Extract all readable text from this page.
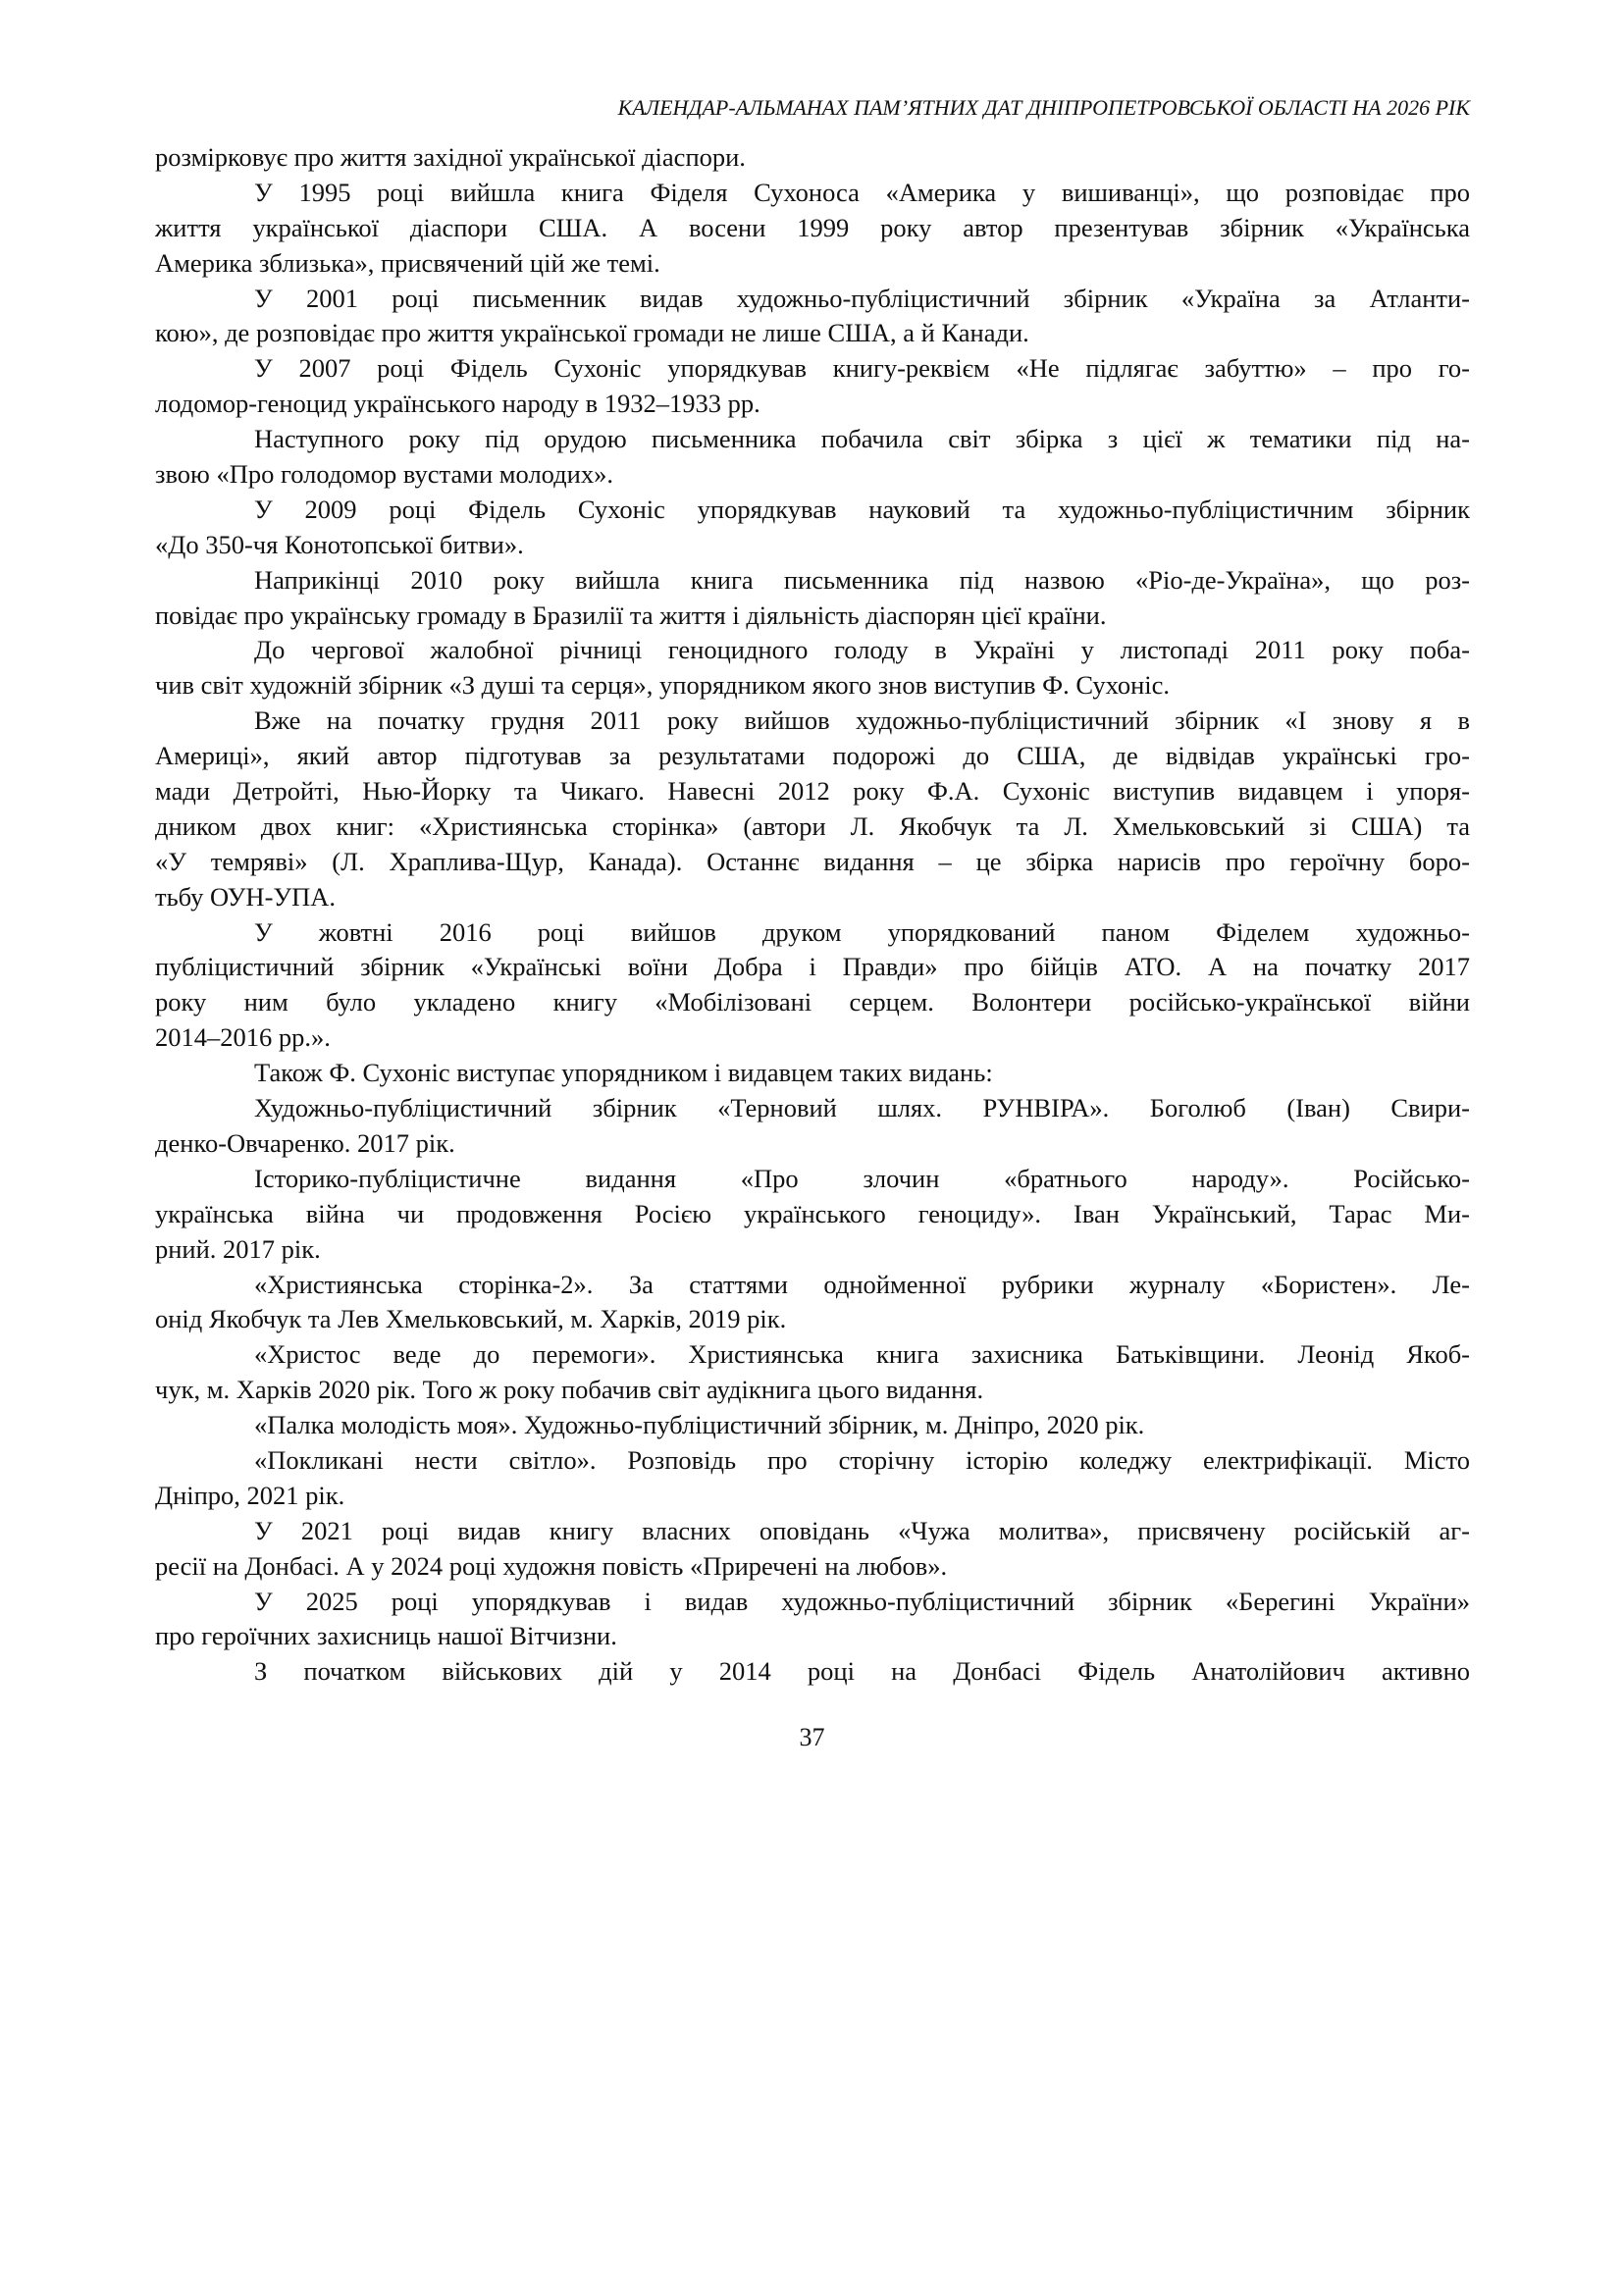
КАЛЕНДАР-АЛЬМАНАХ ПАМ’ЯТНИХ ДАТ ДНІПРОПЕТРОВСЬКОЇ ОБЛАСТІ НА 2026 РІК
розмірковує про життя західної української діаспори.
У 1995 році вийшла книга Фіделя Сухоноса «Америка у вишиванці», що розповідає про
життя української діаспори США. А восени 1999 року автор презентував збірник «Українська
Америка зблизька», присвячений цій же темі.
У 2001 році письменник видав художньо-публіцистичний збірник «Україна за Атланти-
кою», де розповідає про життя української громади не лише США, а й Канади.
У 2007 році Фідель Сухоніс упорядкував книгу-реквієм «Не підлягає забуттю» – про го-
лодомор-геноцид українського народу в 1932–1933 рр.
Наступного року під орудою письменника побачила світ збірка з цієї ж тематики під на-
звою «Про голодомор вустами молодих».
У 2009 році Фідель Сухоніс упорядкував науковий та художньо-публіцистичним збірник
«До 350-чя Конотопської битви».
Наприкінці 2010 року вийшла книга письменника під назвою «Ріо-де-Україна», що роз-
повідає про українську громаду в Бразилії та життя і діяльність діаспорян цієї країни.
До чергової жалобної річниці геноцидного голоду в Україні у листопаді 2011 року поба-
чив світ художній збірник «З душі та серця», упорядником якого знов виступив Ф. Сухоніс.
Вже на початку грудня 2011 року вийшов художньо-публіцистичний збірник «І знову я в
Америці», який автор підготував за результатами подорожі до США, де відвідав українські гро-
мади Детройті, Нью-Йорку та Чикаго. Навесні 2012 року Ф.А. Сухоніс виступив видавцем і упоря-
дником двох книг: «Християнська сторінка» (автори Л. Якобчук та Л. Хмельковський зі США) та
«У темряві» (Л. Храплива-Щур, Канада). Останнє видання – це збірка нарисів про героїчну боро-
тьбу ОУН-УПА.
У жовтні 2016 році вийшов друком упорядкований паном Фіделем художньо-
публіцистичний збірник «Українські воїни Добра і Правди» про бійців АТО. А на початку 2017
року ним було укладено книгу «Мобілізовані серцем. Волонтери російсько-української війни
2014–2016 рр.».
Також Ф. Сухоніс виступає упорядником і видавцем таких видань:
Художньо-публіцистичний збірник «Терновий шлях. РУНВІРА». Боголюб (Іван) Свири-
денко-Овчаренко. 2017 рік.
Історико-публіцистичне видання «Про злочин «братнього народу». Російсько-
українська війна чи продовження Росією українського геноциду». Іван Український, Тарас Ми-
рний. 2017 рік.
«Християнська сторінка-2». За статтями однойменної рубрики журналу «Бористен». Ле-
онід Якобчук та Лев Хмельковський, м. Харків, 2019 рік.
«Христос веде до перемоги». Християнська книга захисника Батьківщини. Леонід Якоб-
чук, м. Харків 2020 рік. Того ж року побачив світ аудікнига цього видання.
«Палка молодість моя». Художньо-публіцистичний збірник, м. Дніпро, 2020 рік.
«Покликані нести світло». Розповідь про сторічну історію коледжу електрифікації. Місто
Дніпро, 2021 рік.
У 2021 році видав книгу власних оповідань «Чужа молитва», присвячену російській аг-
ресії на Донбасі. А у 2024 році художня повість «Приречені на любов».
У 2025 році упорядкував і видав художньо-публіцистичний збірник «Берегині України»
про героїчних захисниць нашої Вітчизни.
З початком військових дій у 2014 році на Донбасі Фідель Анатолійович активно
37
